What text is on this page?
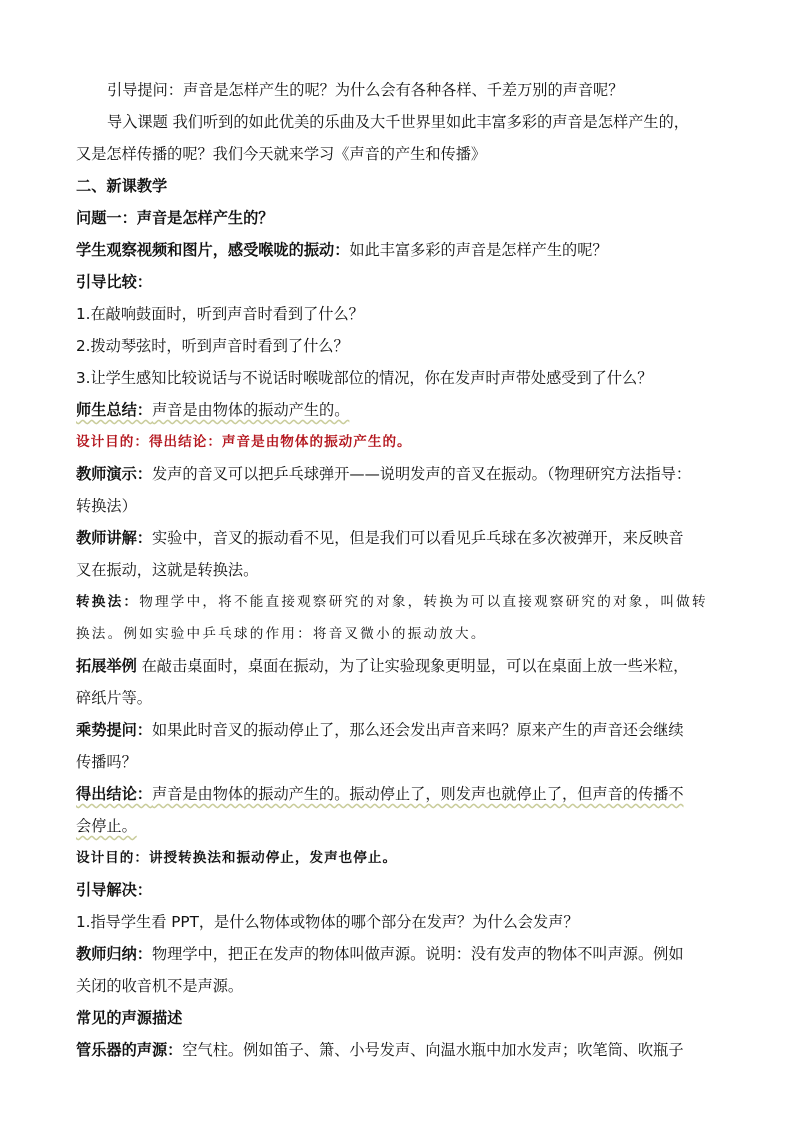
引导提问：声音是怎样产生的呢？为什么会有各种各样、千差万别的声音呢？
导入课题 我们听到的如此优美的乐曲及大千世界里如此丰富多彩的声音是怎样产生的，
又是怎样传播的呢？我们今天就来学习《声音的产生和传播》
二、新课教学
问题一：声音是怎样产生的？
学生观察视频和图片，感受喉咙的振动：如此丰富多彩的声音是怎样产生的呢？
引导比较：
1.在敲响鼓面时，听到声音时看到了什么？
2.拨动琴弦时，听到声音时看到了什么？
3.让学生感知比较说话与不说话时喉咙部位的情况，你在发声时声带处感受到了什么？
师生总结：声音是由物体的振动产生的。
设计目的：得出结论：声音是由物体的振动产生的。
教师演示：发声的音叉可以把乒乓球弹开——说明发声的音叉在振动。（物理研究方法指导：
转换法）
教师讲解：实验中，音叉的振动看不见，但是我们可以看见乒乓球在多次被弹开，来反映音
叉在振动，这就是转换法。
转换法：物理学中，将不能直接观察研究的对象，转换为可以直接观察研究的对象，叫做转
换法。例如实验中乒乓球的作用：将音叉微小的振动放大。
拓展举例 在敲击桌面时，桌面在振动，为了让实验现象更明显，可以在桌面上放一些米粒，
碎纸片等。
乘势提问：如果此时音叉的振动停止了，那么还会发出声音来吗？原来产生的声音还会继续
传播吗？
得出结论：声音是由物体的振动产生的。振动停止了，则发声也就停止了，但声音的传播不
会停止。
设计目的：讲授转换法和振动停止，发声也停止。
引导解决：
1.指导学生看 PPT，是什么物体或物体的哪个部分在发声？为什么会发声？
教师归纳：物理学中，把正在发声的物体叫做声源。说明：没有发声的物体不叫声源。例如
关闭的收音机不是声源。
常见的声源描述
管乐器的声源：空气柱。例如笛子、箫、小号发声、向温水瓶中加水发声；吹笔筒、吹瓶子
